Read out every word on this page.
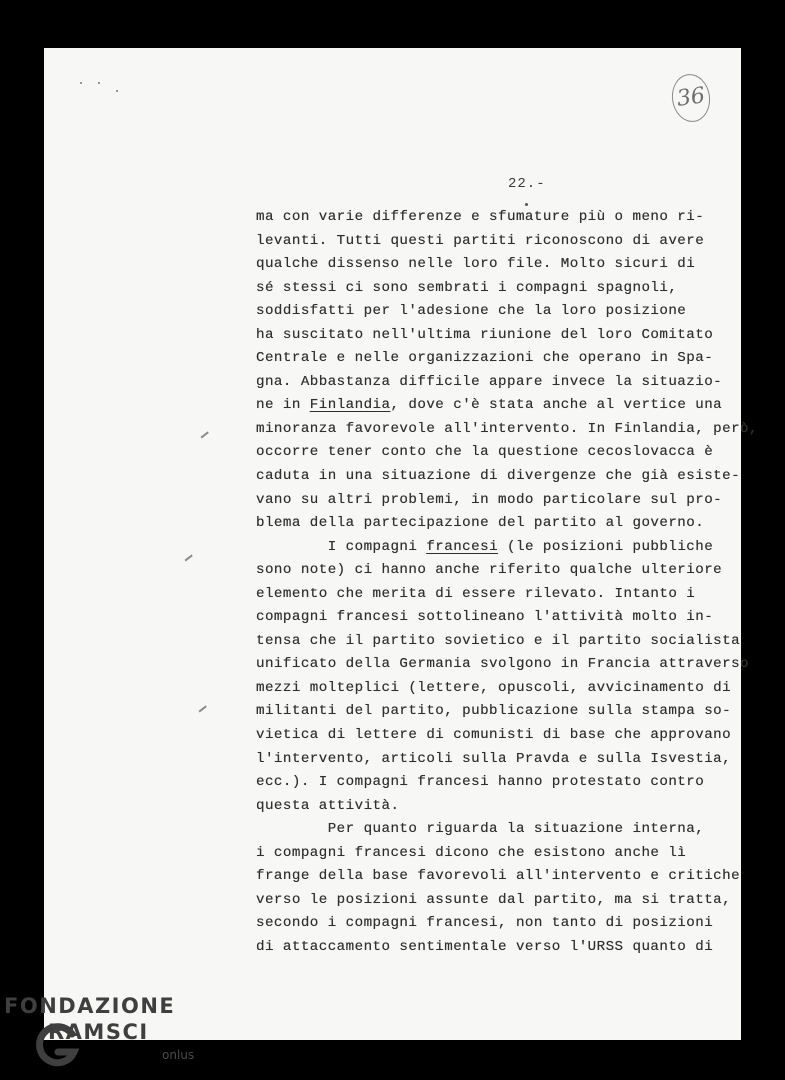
36
22.-
ma con varie differenze e sfumature più o meno ri-
levanti. Tutti questi partiti riconoscono di avere
qualche dissenso nelle loro file. Molto sicuri di
sé stessi ci sono sembrati i compagni spagnoli,
soddisfatti per l'adesione che la loro posizione
ha suscitato nell'ultima riunione del loro Comitato
Centrale e nelle organizzazioni che operano in Spa-
gna. Abbastanza difficile appare invece la situazio-
ne in Finlandia, dove c'è stata anche al vertice una
minoranza favorevole all'intervento. In Finlandia, però,
occorre tener conto che la questione cecoslovacca è
caduta in una situazione di divergenze che già esiste-
vano su altri problemi, in modo particolare sul pro-
blema della partecipazione del partito al governo.
I compagni francesi (le posizioni pubbliche
sono note) ci hanno anche riferito qualche ulteriore
elemento che merita di essere rilevato. Intanto i
compagni francesi sottolineano l'attività molto in-
tensa che il partito sovietico e il partito socialista
unificato della Germania svolgono in Francia attraverso
mezzi molteplici (lettere, opuscoli, avvicinamento di
militanti del partito, pubblicazione sulla stampa so-
vietica di lettere di comunisti di base che approvano
l'intervento, articoli sulla Pravda e sulla Isvestia,
ecc.). I compagni francesi hanno protestato contro
questa attività.
Per quanto riguarda la situazione interna,
i compagni francesi dicono che esistono anche lì
frange della base favorevoli all'intervento e critiche
verso le posizioni assunte dal partito, ma si tratta,
secondo i compagni francesi, non tanto di posizioni
di attaccamento sentimentale verso l'URSS quanto di
FONDAZIONE
RAMSCI
onlus
